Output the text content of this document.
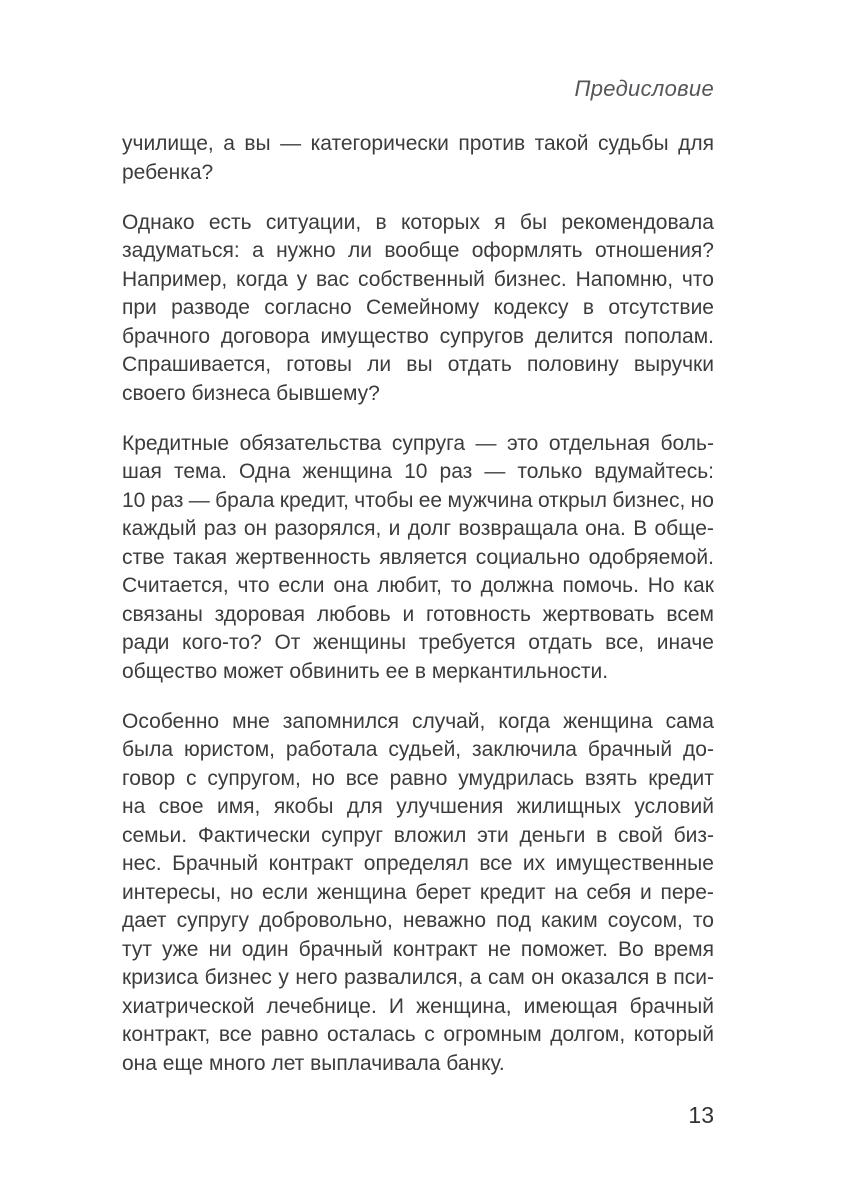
Предисловие
училище, а вы — категорически против такой судьбы для
ребенка?
Однако есть ситуации, в которых я бы рекомендовала
задуматься: а нужно ли вообще оформлять отношения?
Например, когда у вас собственный бизнес. Напомню, что
при разводе согласно Семейному кодексу в отсутствие
брачного договора имущество супругов делится пополам.
Спрашивается, готовы ли вы отдать половину выручки
своего бизнеса бывшему?
Кредитные обязательства супруга — это отдельная боль-
шая тема. Одна женщина 10 раз — только вдумайтесь:
10 раз — брала кредит, чтобы ее мужчина открыл бизнес, но
каждый раз он разорялся, и долг возвращала она. В обще-
стве такая жертвенность является социально одобряемой.
Считается, что если она любит, то должна помочь. Но как
связаны здоровая любовь и готовность жертвовать всем
ради кого-то? От женщины требуется отдать все, иначе
общество может обвинить ее в меркантильности.
Особенно мне запомнился случай, когда женщина сама
была юристом, работала судьей, заключила брачный до-
говор с супругом, но все равно умудрилась взять кредит
на свое имя, якобы для улучшения жилищных условий
семьи. Фактически супруг вложил эти деньги в свой биз-
нес. Брачный контракт определял все их имущественные
интересы, но если женщина берет кредит на себя и пере-
дает супругу добровольно, неважно под каким соусом, то
тут уже ни один брачный контракт не поможет. Во время
кризиса бизнес у него развалился, а сам он оказался в пси-
хиатрической лечебнице. И женщина, имеющая брачный
контракт, все равно осталась с огромным долгом, который
она еще много лет выплачивала банку.
13
